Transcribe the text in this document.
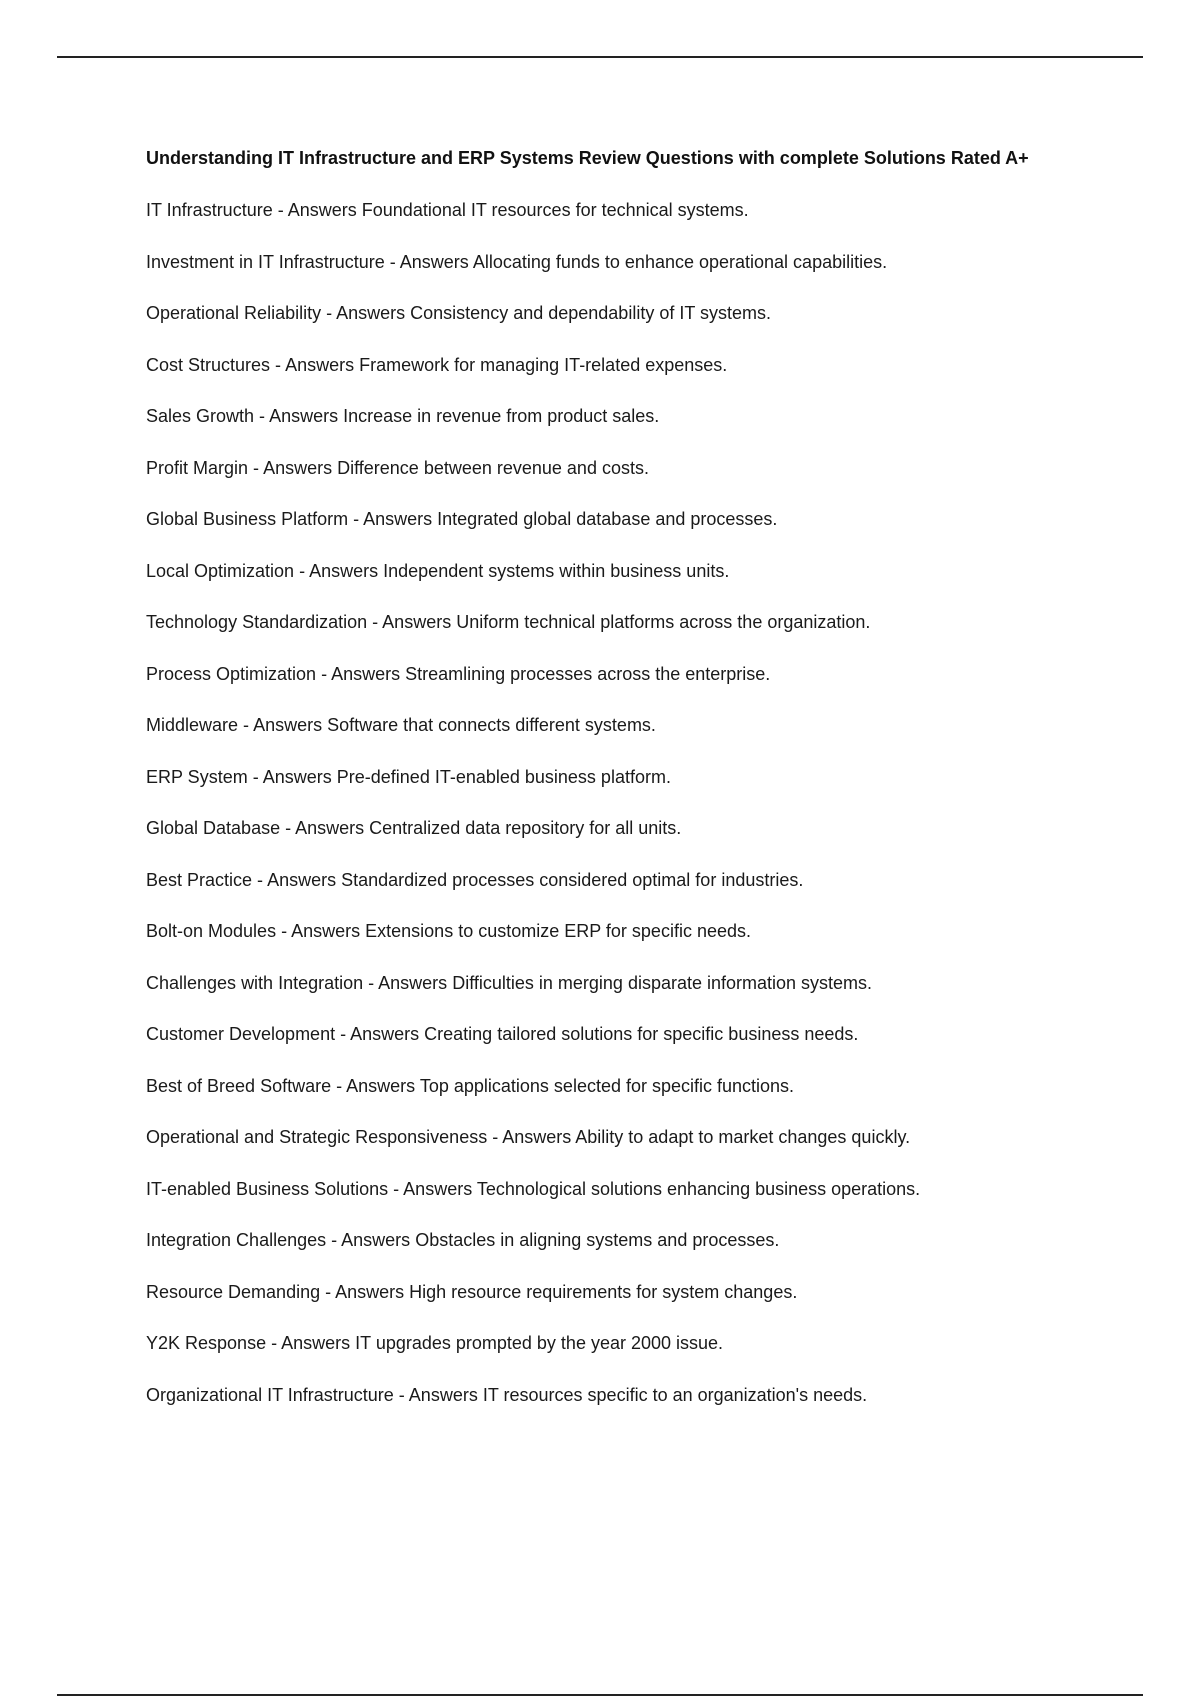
Understanding IT Infrastructure and ERP Systems Review Questions with complete Solutions Rated A+
IT Infrastructure - Answers Foundational IT resources for technical systems.
Investment in IT Infrastructure - Answers Allocating funds to enhance operational capabilities.
Operational Reliability - Answers Consistency and dependability of IT systems.
Cost Structures - Answers Framework for managing IT-related expenses.
Sales Growth - Answers Increase in revenue from product sales.
Profit Margin - Answers Difference between revenue and costs.
Global Business Platform - Answers Integrated global database and processes.
Local Optimization - Answers Independent systems within business units.
Technology Standardization - Answers Uniform technical platforms across the organization.
Process Optimization - Answers Streamlining processes across the enterprise.
Middleware - Answers Software that connects different systems.
ERP System - Answers Pre-defined IT-enabled business platform.
Global Database - Answers Centralized data repository for all units.
Best Practice - Answers Standardized processes considered optimal for industries.
Bolt-on Modules - Answers Extensions to customize ERP for specific needs.
Challenges with Integration - Answers Difficulties in merging disparate information systems.
Customer Development - Answers Creating tailored solutions for specific business needs.
Best of Breed Software - Answers Top applications selected for specific functions.
Operational and Strategic Responsiveness - Answers Ability to adapt to market changes quickly.
IT-enabled Business Solutions - Answers Technological solutions enhancing business operations.
Integration Challenges - Answers Obstacles in aligning systems and processes.
Resource Demanding - Answers High resource requirements for system changes.
Y2K Response - Answers IT upgrades prompted by the year 2000 issue.
Organizational IT Infrastructure - Answers IT resources specific to an organization's needs.
